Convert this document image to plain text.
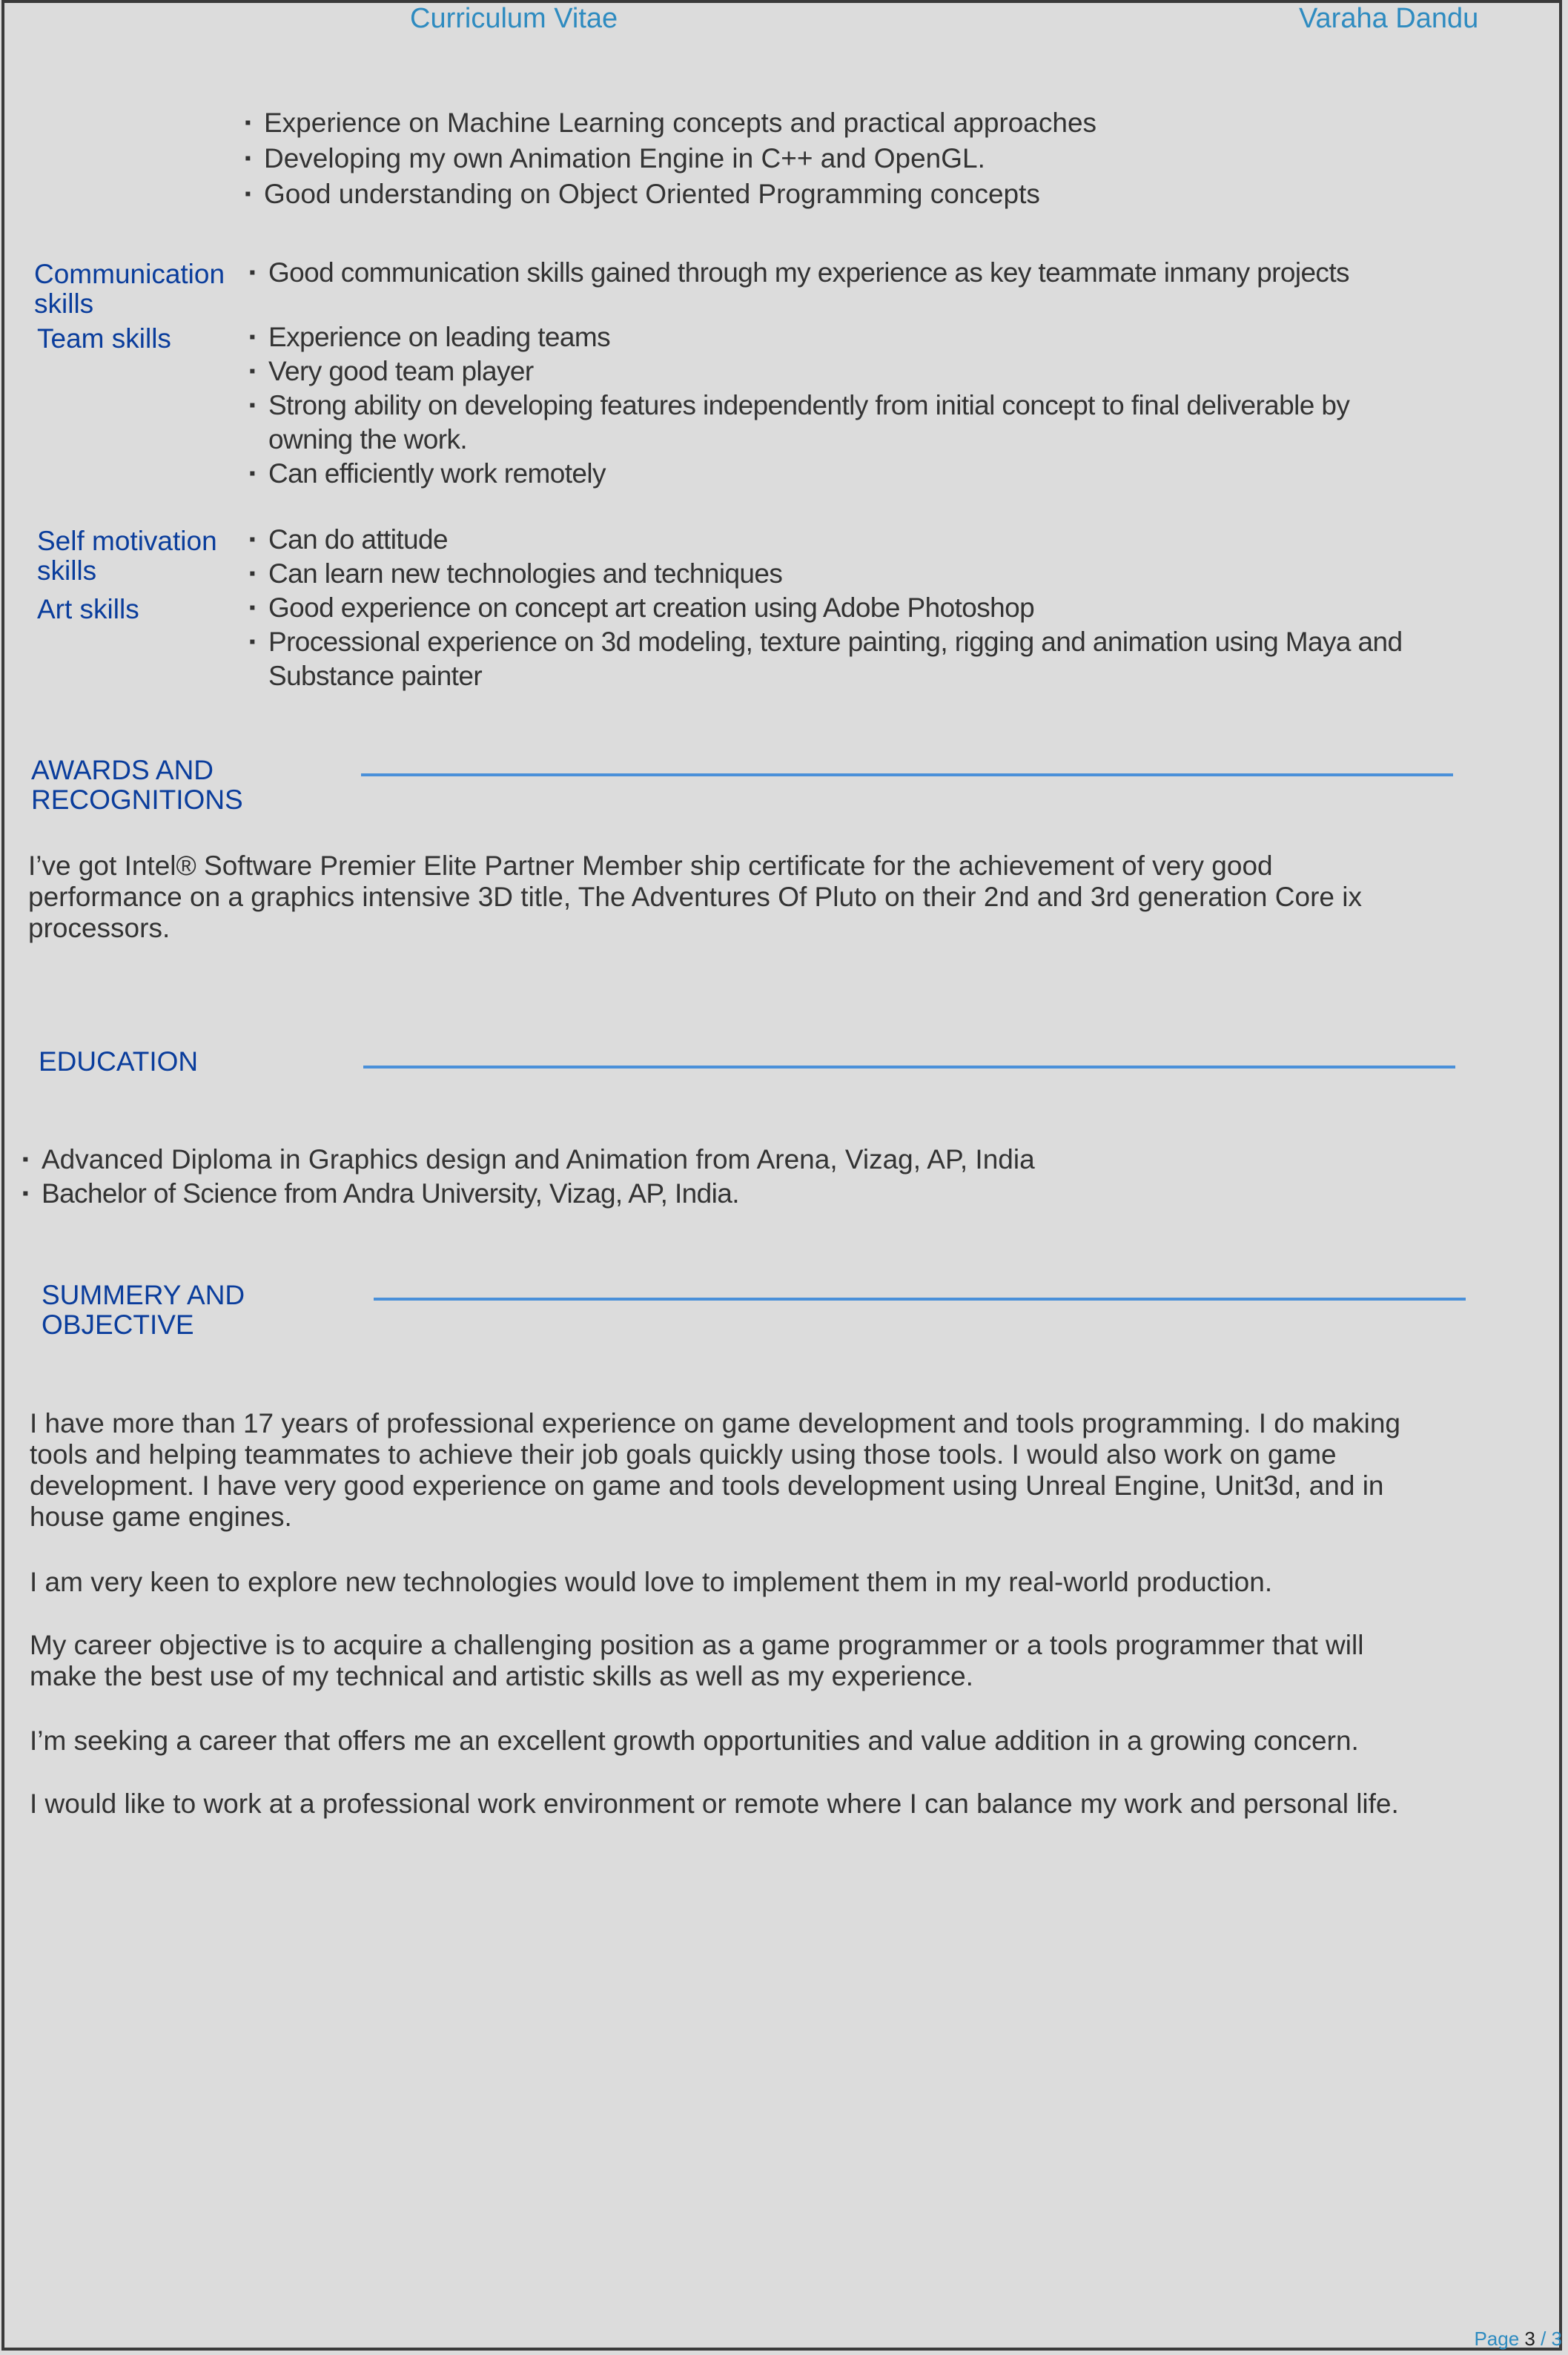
Curriculum Vitae	Varaha Dandu
▪ Experience on Machine Learning concepts and practical approaches
▪ Developing my own Animation Engine in C++ and OpenGL.
▪ Good understanding on Object Oriented Programming concepts
Communication skills
▪ Good communication skills gained through my experience as key teammate inmany projects
Team skills	▪ Experience on leading teams
▪ Very good team player
▪ Strong ability on developing features independently from initial concept to final deliverable by owning the work.
▪ Can efficiently work remotely
Self motivation skills
Art skills
▪ Can do attitude
▪ Can learn new technologies and techniques
▪ Good experience on concept art creation using Adobe Photoshop
▪ Processional experience on 3d modeling, texture painting, rigging and animation using Maya and Substance painter
AWARDS AND RECOGNITIONS

I’ve got Intel® Software Premier Elite Partner Member ship certificate for the achievement of very good performance on a graphics intensive 3D title, The Adventures Of Pluto on their 2nd and 3rd generation Core ix processors.

EDUCATION
▪ Advanced Diploma in Graphics design and Animation from Arena, Vizag, AP, India
▪ Bachelor of Science from Andra University, Vizag, AP, India.
SUMMERY AND OBJECTIVE

I have more than 17 years of professional experience on game development and tools programming. I do making tools and helping teammates to achieve their job goals quickly using those tools. I would also work on game development. I have very good experience on game and tools development using Unreal Engine, Unit3d, and in house game engines.

I am very keen to explore new technologies would love to implement them in my real-world production.

My career objective is to acquire a challenging position as a game programmer or a tools programmer that will make the best use of my technical and artistic skills as well as my experience.

I’m seeking a career that offers me an excellent growth opportunities and value addition in a growing concern.

I would like to work at a professional work environment or remote where I can balance my work and personal life.

Page 3 / 3
